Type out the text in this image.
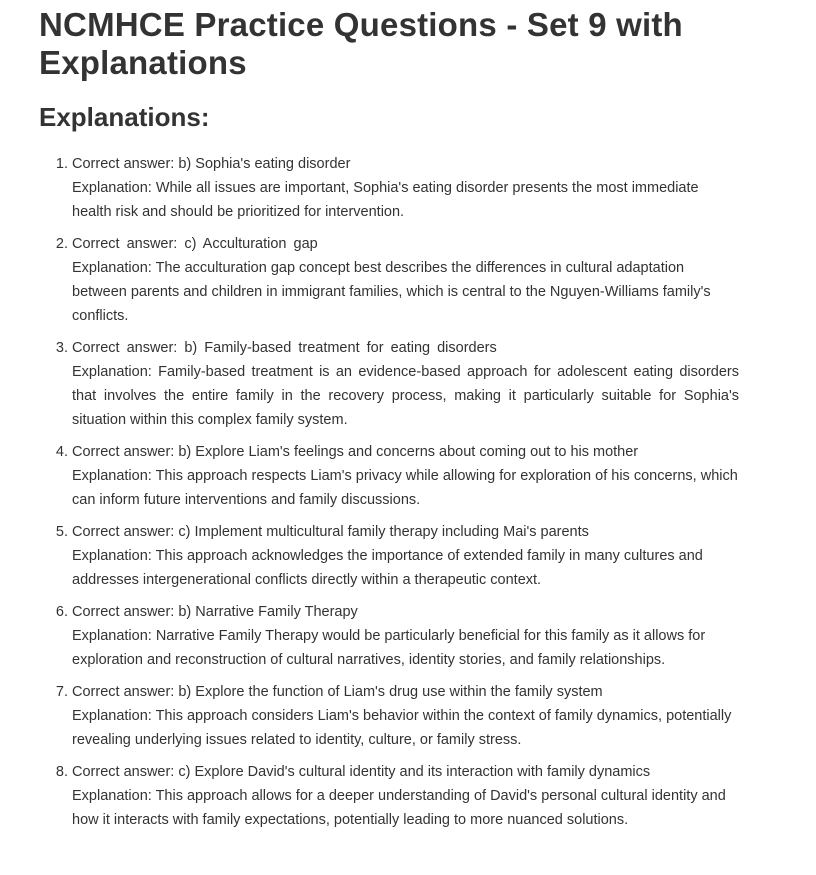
NCMHCE Practice Questions - Set 9 with Explanations
Explanations:
1. Correct answer: b) Sophia's eating disorder
Explanation: While all issues are important, Sophia's eating disorder presents the most immediate health risk and should be prioritized for intervention.
2. Correct answer: c) Acculturation gap
Explanation: The acculturation gap concept best describes the differences in cultural adaptation between parents and children in immigrant families, which is central to the Nguyen-Williams family's conflicts.
3. Correct answer: b) Family-based treatment for eating disorders
Explanation: Family-based treatment is an evidence-based approach for adolescent eating disorders that involves the entire family in the recovery process, making it particularly suitable for Sophia's situation within this complex family system.
4. Correct answer: b) Explore Liam's feelings and concerns about coming out to his mother
Explanation: This approach respects Liam's privacy while allowing for exploration of his concerns, which can inform future interventions and family discussions.
5. Correct answer: c) Implement multicultural family therapy including Mai's parents
Explanation: This approach acknowledges the importance of extended family in many cultures and addresses intergenerational conflicts directly within a therapeutic context.
6. Correct answer: b) Narrative Family Therapy
Explanation: Narrative Family Therapy would be particularly beneficial for this family as it allows for exploration and reconstruction of cultural narratives, identity stories, and family relationships.
7. Correct answer: b) Explore the function of Liam's drug use within the family system
Explanation: This approach considers Liam's behavior within the context of family dynamics, potentially revealing underlying issues related to identity, culture, or family stress.
8. Correct answer: c) Explore David's cultural identity and its interaction with family dynamics
Explanation: This approach allows for a deeper understanding of David's personal cultural identity and how it interacts with family expectations, potentially leading to more nuanced solutions.
